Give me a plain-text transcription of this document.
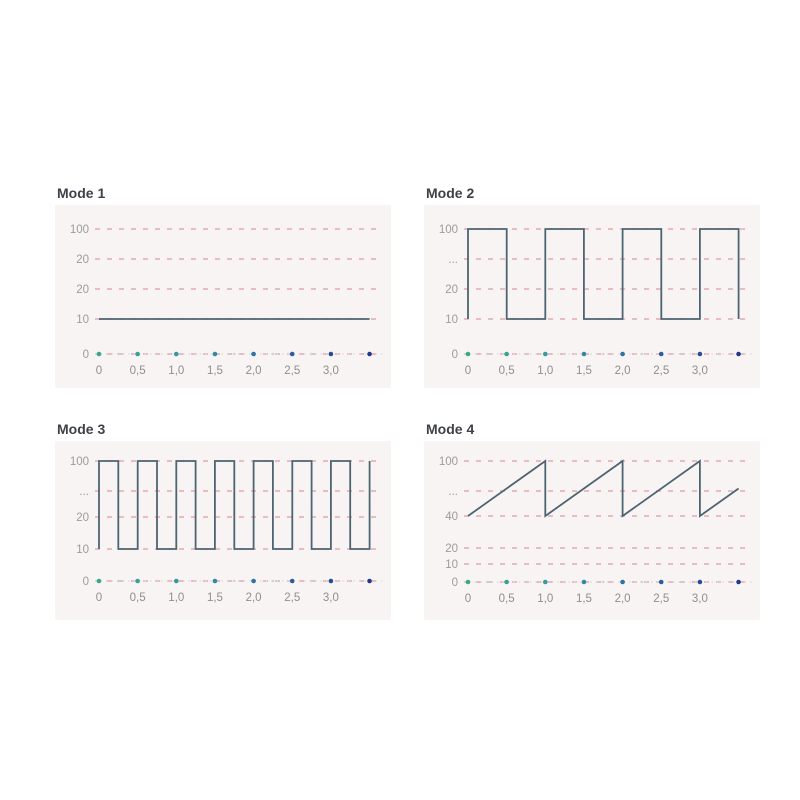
Mode 1
100
20
20
10
0
0 0,5 1,0 1,5 2,0 2,5 3,0
Mode 2
100
...
20
10
0
0 0,5 1,0 1,5 2,0 2,5 3,0
Mode 3
100
...
20
10
0
0 0,5 1,0 1,5 2,0 2,5 3,0
Mode 4
100
...
40
20
10
0
0 0,5 1,0 1,5 2,0 2,5 3,0
